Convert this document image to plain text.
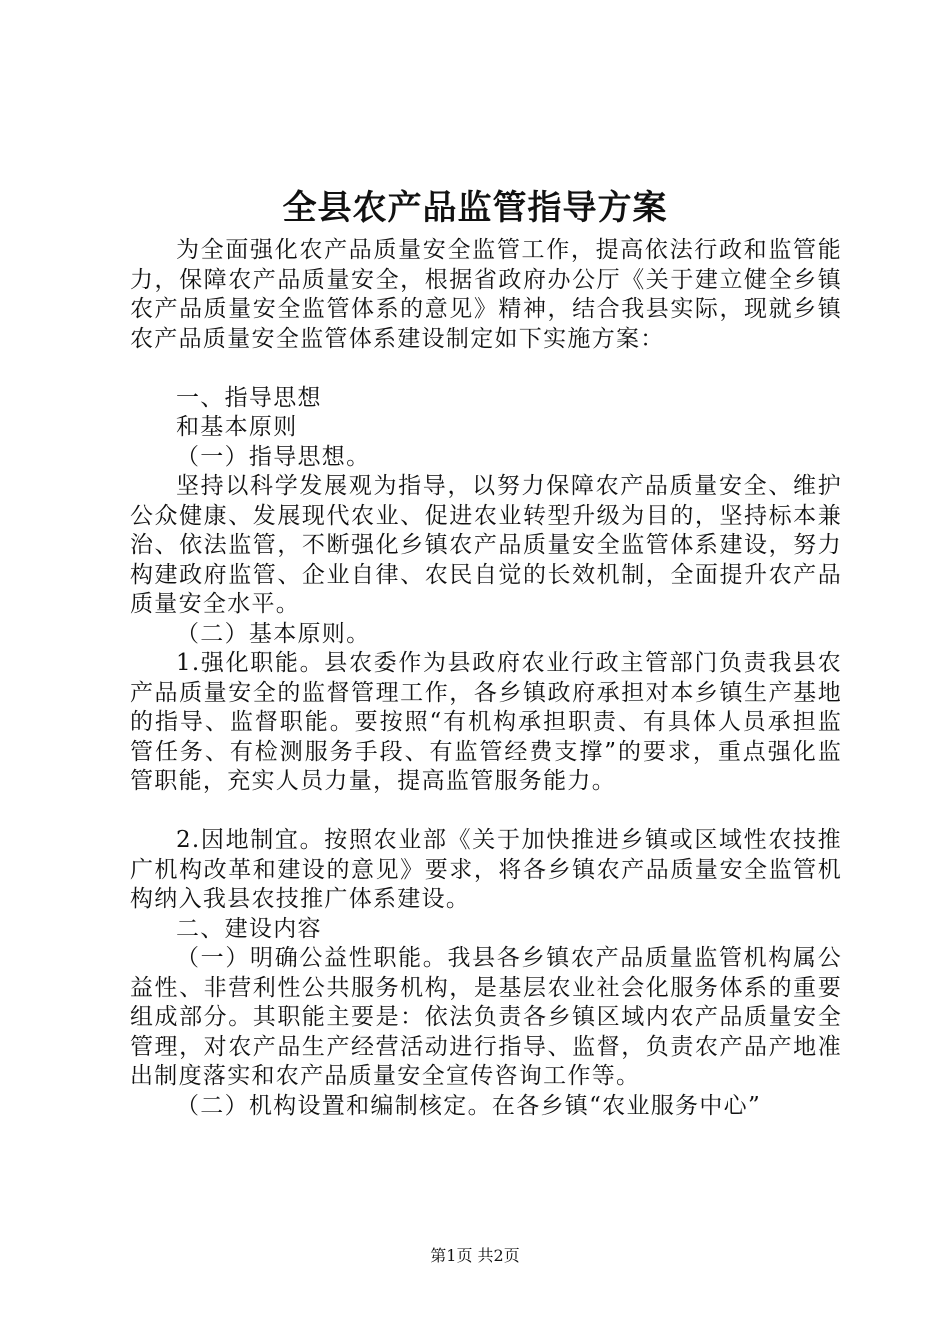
全县农产品监管指导方案

为全面强化农产品质量安全监管工作，提高依法行政和监管能力，保障农产品质量安全，根据省政府办公厅《关于建立健全乡镇农产品质量安全监管体系的意见》精神，结合我县实际，现就乡镇农产品质量安全监管体系建设制定如下实施方案：

一、指导思想

和基本原则

（一）指导思想。

坚持以科学发展观为指导，以努力保障农产品质量安全、维护公众健康、发展现代农业、促进农业转型升级为目的，坚持标本兼治、依法监管，不断强化乡镇农产品质量安全监管体系建设，努力构建政府监管、企业自律、农民自觉的长效机制，全面提升农产品质量安全水平。

（二）基本原则。

1.强化职能。县农委作为县政府农业行政主管部门负责我县农产品质量安全的监督管理工作，各乡镇政府承担对本乡镇生产基地的指导、监督职能。要按照“有机构承担职责、有具体人员承担监管任务、有检测服务手段、有监管经费支撑”的要求，重点强化监管职能，充实人员力量，提高监管服务能力。

2.因地制宜。按照农业部《关于加快推进乡镇或区域性农技推广机构改革和建设的意见》要求，将各乡镇农产品质量安全监管机构纳入我县农技推广体系建设。

二、建设内容

（一）明确公益性职能。我县各乡镇农产品质量监管机构属公益性、非营利性公共服务机构，是基层农业社会化服务体系的重要组成部分。其职能主要是：依法负责各乡镇区域内农产品质量安全管理，对农产品生产经营活动进行指导、监督，负责农产品产地准出制度落实和农产品质量安全宣传咨询工作等。

（二）机构设置和编制核定。在各乡镇“农业服务中心”

第1页 共2页
